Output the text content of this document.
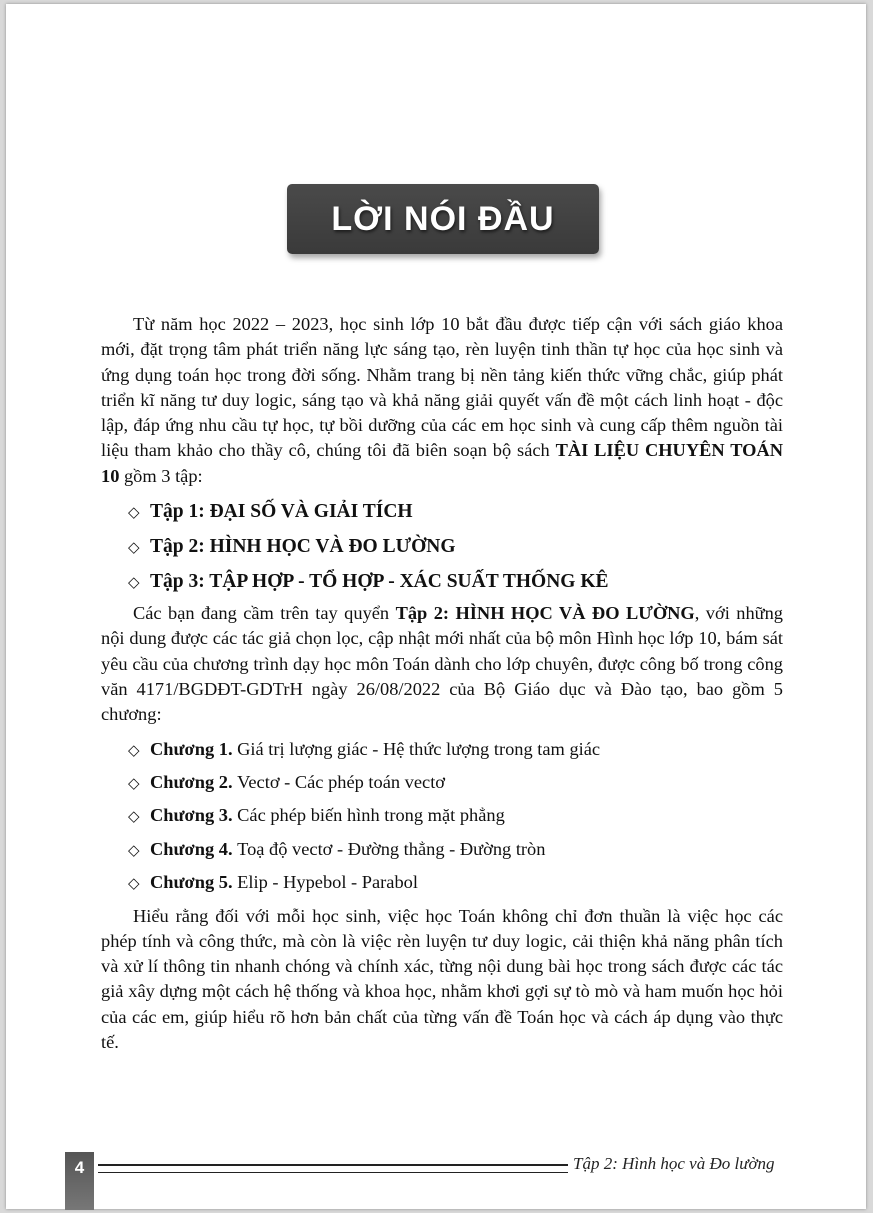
LỜI NÓI ĐẦU

Từ năm học 2022 – 2023, học sinh lớp 10 bắt đầu được tiếp cận với sách giáo khoa mới, đặt trọng tâm phát triển năng lực sáng tạo, rèn luyện tinh thần tự học của học sinh và ứng dụng toán học trong đời sống. Nhằm trang bị nền tảng kiến thức vững chắc, giúp phát triển kĩ năng tư duy logic, sáng tạo và khả năng giải quyết vấn đề một cách linh hoạt - độc lập, đáp ứng nhu cầu tự học, tự bồi dưỡng của các em học sinh và cung cấp thêm nguồn tài liệu tham khảo cho thầy cô, chúng tôi đã biên soạn bộ sách TÀI LIỆU CHUYÊN TOÁN 10 gồm 3 tập:

◇ Tập 1: ĐẠI SỐ VÀ GIẢI TÍCH
◇ Tập 2: HÌNH HỌC VÀ ĐO LƯỜNG
◇ Tập 3: TẬP HỢP - TỔ HỢP - XÁC SUẤT THỐNG KÊ

Các bạn đang cầm trên tay quyển Tập 2: HÌNH HỌC VÀ ĐO LƯỜNG, với những nội dung được các tác giả chọn lọc, cập nhật mới nhất của bộ môn Hình học lớp 10, bám sát yêu cầu của chương trình dạy học môn Toán dành cho lớp chuyên, được công bố trong công văn 4171/BGDĐT-GDTrH ngày 26/08/2022 của Bộ Giáo dục và Đào tạo, bao gồm 5 chương:

◇ Chương 1.
Giá trị lượng giác - Hệ thức lượng trong tam giác
◇ Chương 2.
Vectơ - Các phép toán vectơ
◇ Chương 3.
Các phép biến hình trong mặt phẳng
◇ Chương 4.
Toạ độ vectơ - Đường thẳng - Đường tròn
◇ Chương 5.
Elip - Hypebol - Parabol

Hiểu rằng đối với mỗi học sinh, việc học Toán không chỉ đơn thuần là việc học các phép tính và công thức, mà còn là việc rèn luyện tư duy logic, cải thiện khả năng phân tích và xử lí thông tin nhanh chóng và chính xác, từng nội dung bài học trong sách được các tác giả xây dựng một cách hệ thống và khoa học, nhằm khơi gợi sự tò mò và ham muốn học hỏi của các em, giúp hiểu rõ hơn bản chất của từng vấn đề Toán học và cách áp dụng vào thực tế.

4	Tập 2: Hình học và Đo lường
